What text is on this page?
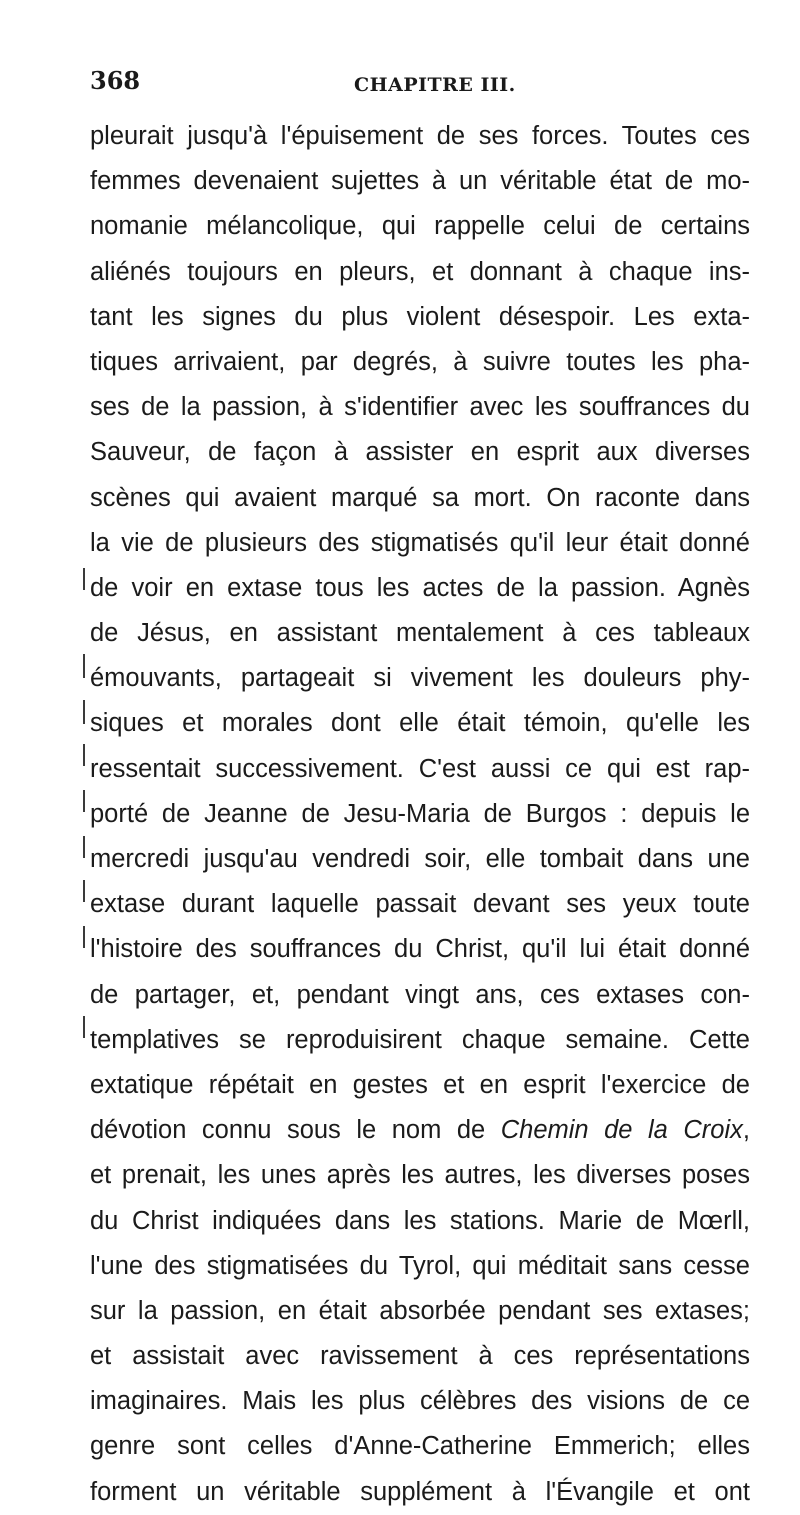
368	CHAPITRE III.
pleurait jusqu'à l'épuisement de ses forces. Toutes ces
femmes devenaient sujettes à un véritable état de mo-
nomanie mélancolique, qui rappelle celui de certains
aliénés toujours en pleurs, et donnant à chaque ins-
tant les signes du plus violent désespoir. Les exta-
tiques arrivaient, par degrés, à suivre toutes les pha-
ses de la passion, à s'identifier avec les souffrances du
Sauveur, de façon à assister en esprit aux diverses
scènes qui avaient marqué sa mort. On raconte dans
la vie de plusieurs des stigmatisés qu'il leur était donné
de voir en extase tous les actes de la passion. Agnès
de Jésus, en assistant mentalement à ces tableaux
émouvants, partageait si vivement les douleurs phy-
siques et morales dont elle était témoin, qu'elle les
ressentait successivement. C'est aussi ce qui est rap-
porté de Jeanne de Jesu-Maria de Burgos : depuis le
mercredi jusqu'au vendredi soir, elle tombait dans une
extase durant laquelle passait devant ses yeux toute
l'histoire des souffrances du Christ, qu'il lui était donné
de partager, et, pendant vingt ans, ces extases con-
templatives se reproduisirent chaque semaine. Cette
extatique répétait en gestes et en esprit l'exercice de
dévotion connu sous le nom de Chemin de la Croix,
et prenait, les unes après les autres, les diverses poses
du Christ indiquées dans les stations. Marie de Mœrll,
l'une des stigmatisées du Tyrol, qui méditait sans cesse
sur la passion, en était absorbée pendant ses extases;
et assistait avec ravissement à ces représentations
imaginaires. Mais les plus célèbres des visions de ce
genre sont celles d'Anne-Catherine Emmerich; elles
forment un véritable supplément à l'Évangile et ont
